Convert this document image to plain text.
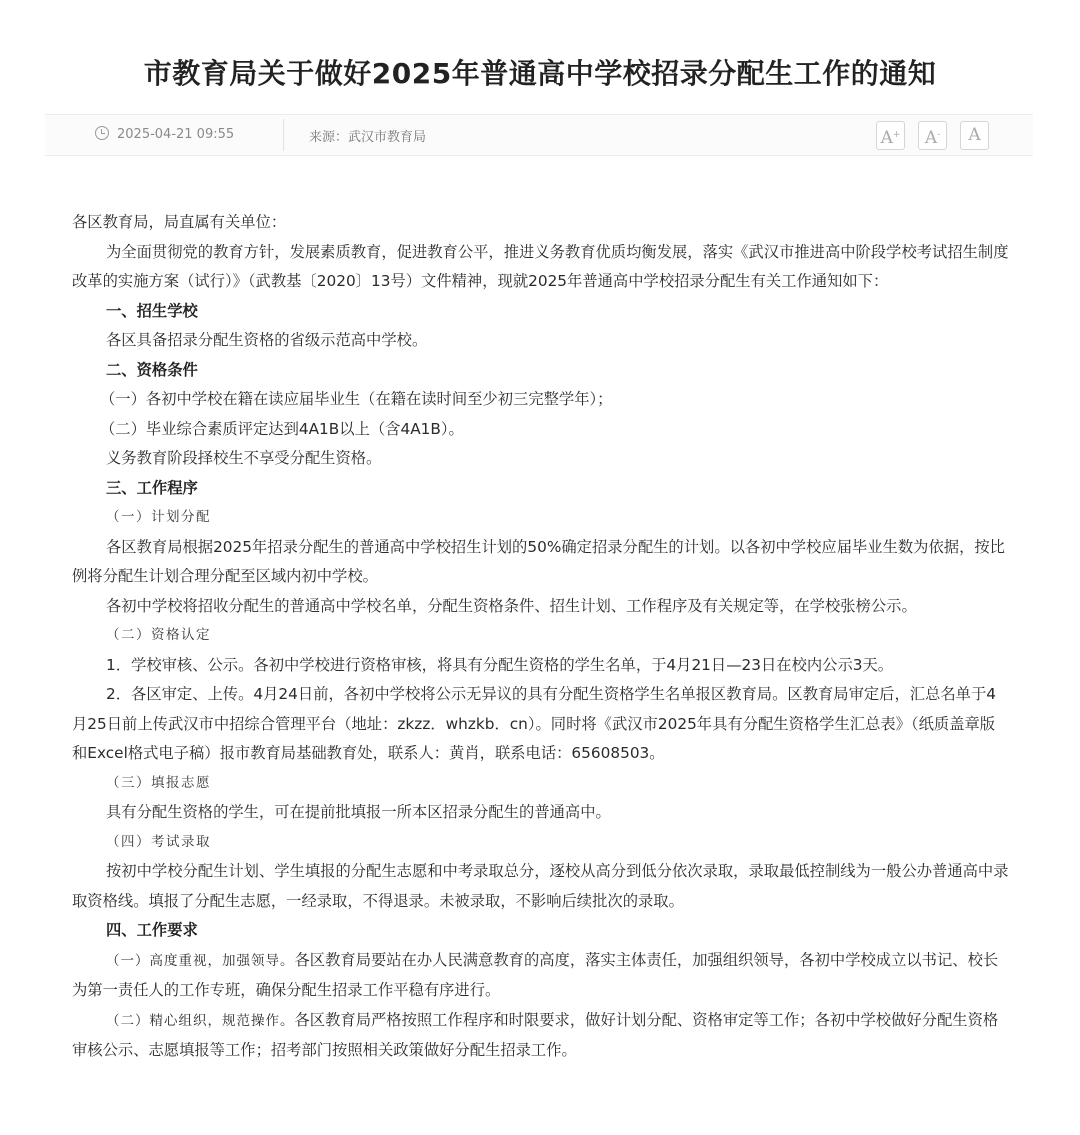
市教育局关于做好2025年普通高中学校招录分配生工作的通知
2025-04-21 09:55	来源：武汉市教育局	A+	A-	A

各区教育局，局直属有关单位：

为全面贯彻党的教育方针，发展素质教育，促进教育公平，推进义务教育优质均衡发展，落实《武汉市推进高中阶段学校考试招生制度改革的实施方案（试行）》（武教基〔2020〕13号）文件精神，现就2025年普通高中学校招录分配生有关工作通知如下：

一、招生学校

各区具备招录分配生资格的省级示范高中学校。

二、资格条件

（一）各初中学校在籍在读应届毕业生（在籍在读时间至少初三完整学年）；

（二）毕业综合素质评定达到4A1B以上（含4A1B）。

义务教育阶段择校生不享受分配生资格。

三、工作程序

（一）计划分配

各区教育局根据2025年招录分配生的普通高中学校招生计划的50%确定招录分配生的计划。以各初中学校应届毕业生数为依据，按比例将分配生计划合理分配至区域内初中学校。

各初中学校将招收分配生的普通高中学校名单，分配生资格条件、招生计划、工作程序及有关规定等，在学校张榜公示。

（二）资格认定

1．学校审核、公示。各初中学校进行资格审核，将具有分配生资格的学生名单，于4月21日—23日在校内公示3天。

2．各区审定、上传。4月24日前，各初中学校将公示无异议的具有分配生资格学生名单报区教育局。区教育局审定后，汇总名单于4月25日前上传武汉市中招综合管理平台（地址：zkzz．whzkb．cn）。同时将《武汉市2025年具有分配生资格学生汇总表》（纸质盖章版和Excel格式电子稿）报市教育局基础教育处，联系人：黄肖，联系电话：65608503。

（三）填报志愿

具有分配生资格的学生，可在提前批填报一所本区招录分配生的普通高中。

（四）考试录取

按初中学校分配生计划、学生填报的分配生志愿和中考录取总分，逐校从高分到低分依次录取，录取最低控制线为一般公办普通高中录取资格线。填报了分配生志愿，一经录取，不得退录。未被录取，不影响后续批次的录取。

四、工作要求

（一）高度重视，加强领导。各区教育局要站在办人民满意教育的高度，落实主体责任，加强组织领导，各初中学校成立以书记、校长为第一责任人的工作专班，确保分配生招录工作平稳有序进行。

（二）精心组织，规范操作。各区教育局严格按照工作程序和时限要求，做好计划分配、资格审定等工作；各初中学校做好分配生资格审核公示、志愿填报等工作；招考部门按照相关政策做好分配生招录工作。
